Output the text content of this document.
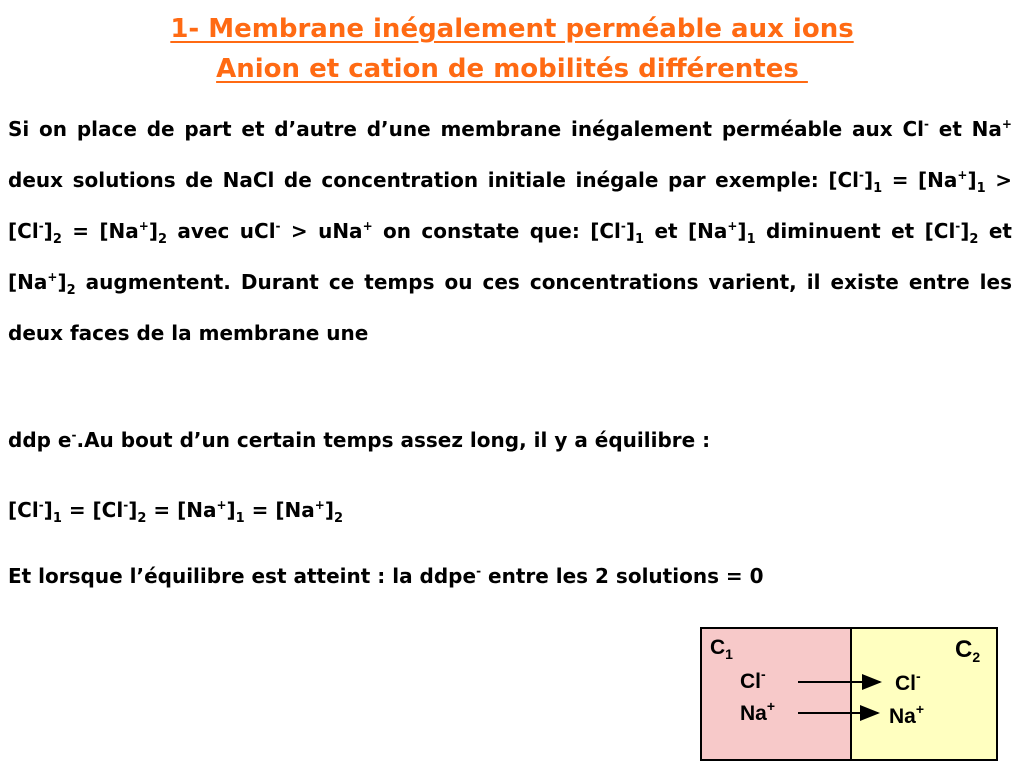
1- Membrane inégalement perméable aux ions
Anion et cation de mobilités différentes

Si on place de part et d’autre d’une membrane inégalement perméable aux Cl- et Na+ deux solutions de NaCl de concentration initiale inégale par exemple: $[Cl^-]_1 = [Na^+]_1 > [Cl^-]_2 = [Na^+]_2$ avec uCl- > uNa+ on constate que: $[Cl^-]_1$ et $[Na^+]_1$ diminuent et $[Cl^-]_2$ et $[Na^+]_2$ augmentent. Durant ce temps ou ces concentrations varient, il existe entre les deux faces de la membrane une

ddp e-.Au bout d’un certain temps assez long, il y a équilibre :

$[Cl^-]_1 = [Cl^-]_2 = [Na^+]_1 = [Na^+]_2$

Et lorsque l’équilibre est atteint : la ddpe- entre les 2 solutions = 0

$C_1$	$C_2$
Cl-
Na+
Cl-
Na+
